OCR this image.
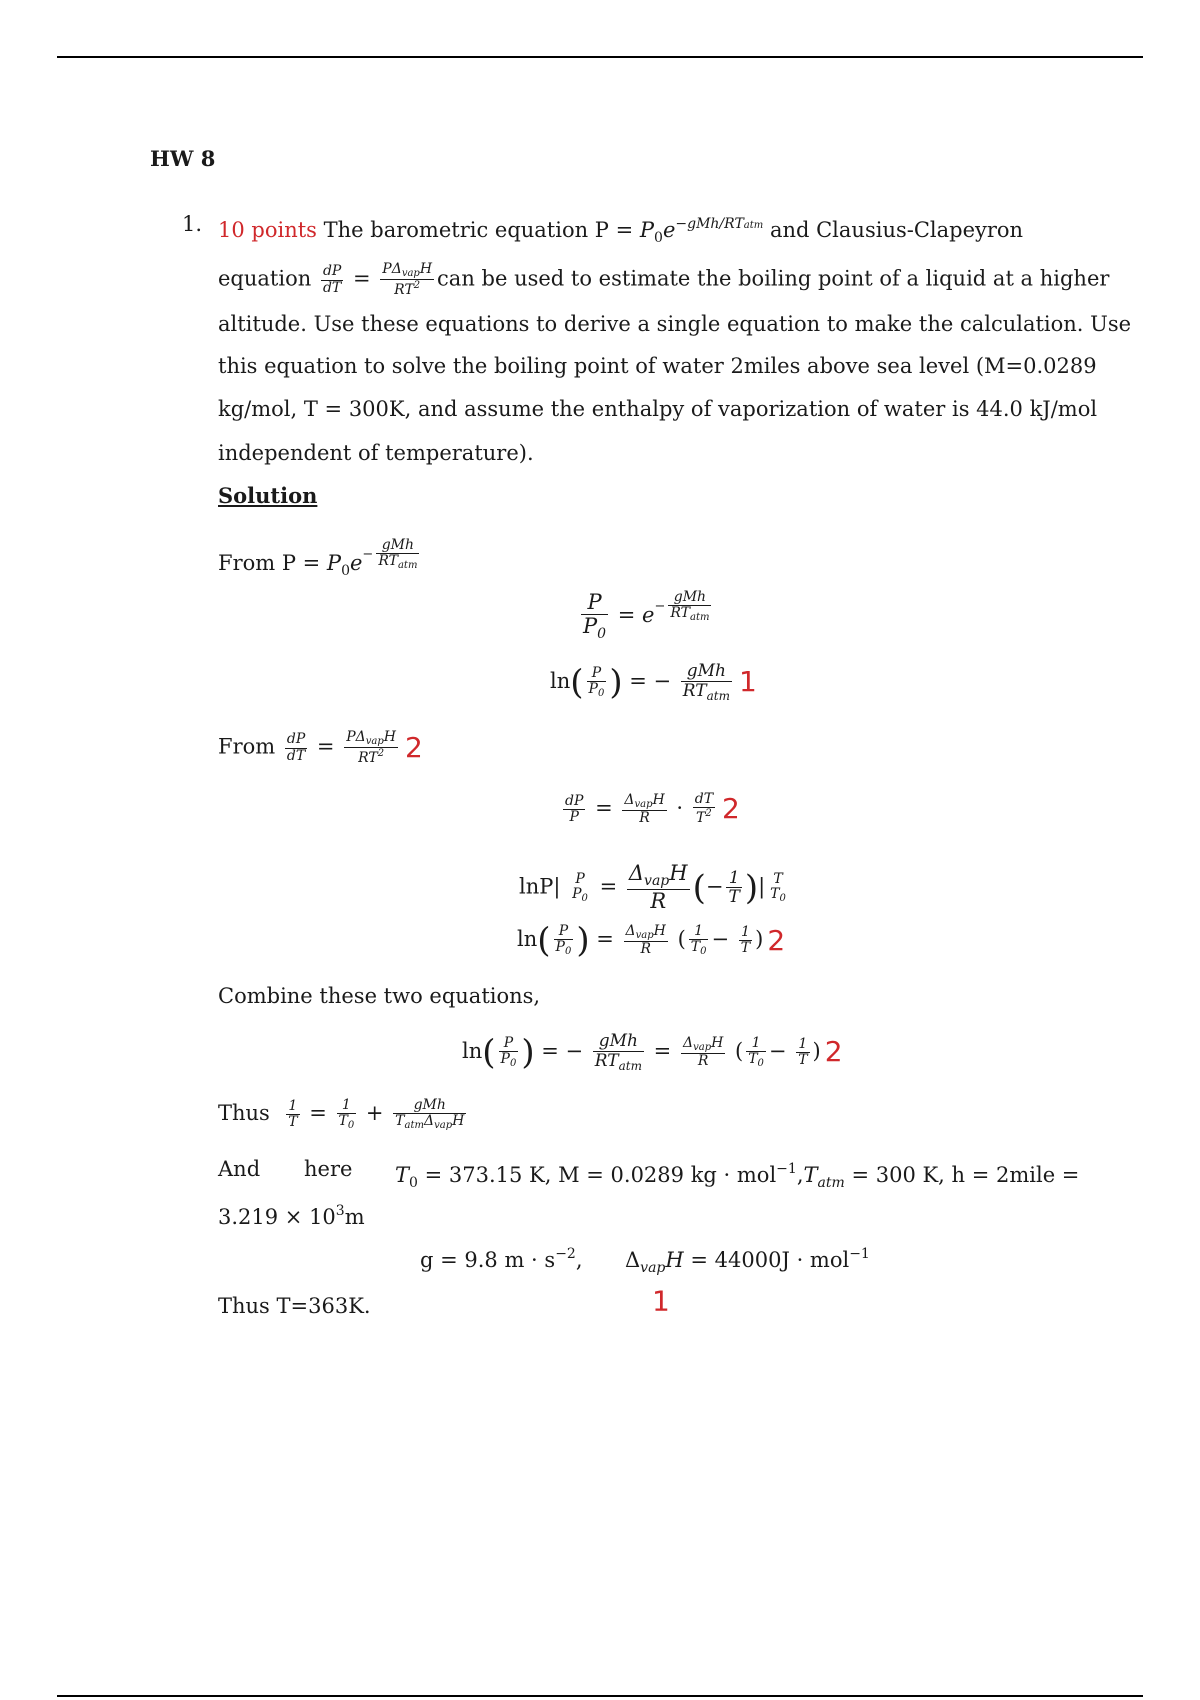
HW 8
1. 10 points The barometric equation $P = P_0e^{-gMh/RTatm}$ and Clausius-Clapeyron
equation $\frac{dP}{dT} = \frac{P\Delta_{vap}H}{RT^2}$ can be used to estimate the boiling point of a liquid at a higher
altitude. Use these equations to derive a single equation to make the calculation. Use
this equation to solve the boiling point of water 2miles above sea level (M=0.0289
kg/mol, T = 300K, and assume the enthalpy of vaporization of water is 44.0 kJ/mol
independent of temperature).
Solution
From $P = P_0e^{- \frac{\text{gMh}}{RT_{atm}}}$
$\frac{P}{P_0} = e^{- \frac{\text{gMh}}{RT_{atm}}}$
$\ln( \frac{P}{P_0}$ ) = − $\frac{\text{gMh}}{RT_{atm}} 1$
From $\frac{dP}{dT} = \frac{P\Delta_{vap}H}{RT^2} 2$
$\frac{dP}{P} = \frac{\Delta_{vap}H}{R} \cdot \frac{dT}{T^2} 2$
lnP| P
$P_0$
= $\frac{\Delta_{vap}H}{R}$ (− $\frac{1}{T}$ )| T
$T_0$
$\ln( \frac{P}{P_0}$ ) = $\frac{\Delta_{vap}H}{R}$ ( $\frac{1}{T_0} - \frac{1}{T}$ ) 2
Combine these two equations,
$\ln( \frac{P}{P_0}$ ) = − $\frac{\text{gMh}}{RT_{atm}} = \frac{\Delta_{vap}H}{R}$ ( $\frac{1}{T_0} - \frac{1}{T}$ ) 2
Thus $\frac{1}{T} = \frac{1}{T_0} + \frac{\text{gMh}}{T_{atm}\Delta_{vap}H}$
And here $T_0 = 373.15$ K, M = 0.0289 kg · $mol^{-1},T_{atm} = 300$ K, h = 2mile =
$3.219 \times 10^3m$
g = 9.8 $m \cdot s^{-2}$, $\Delta_{vap}H = 44000J \cdot mol^{-1}$
Thus T=363K.	1
